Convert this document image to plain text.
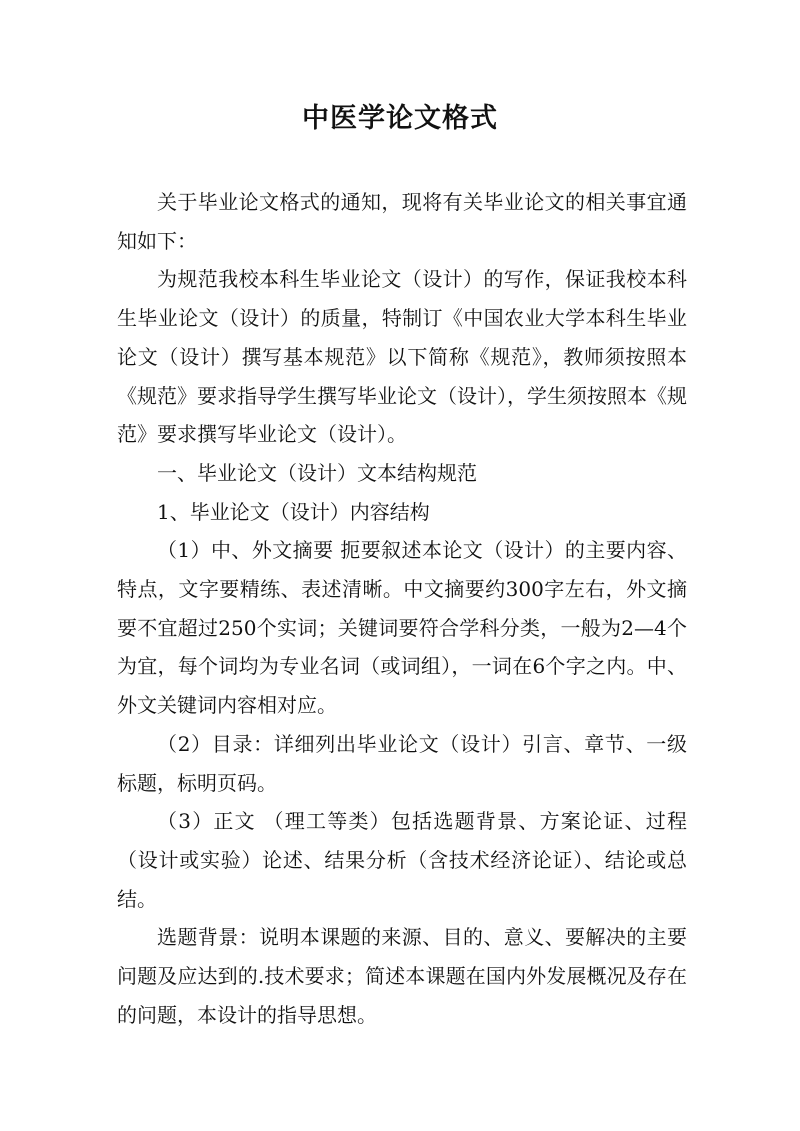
中医学论文格式

关于毕业论文格式的通知，现将有关毕业论文的相关事宜通知如下：

为规范我校本科生毕业论文（设计）的写作，保证我校本科生毕业论文（设计）的质量，特制订《中国农业大学本科生毕业论文（设计）撰写基本规范》以下简称《规范》，教师须按照本《规范》要求指导学生撰写毕业论文（设计），学生须按照本《规范》要求撰写毕业论文（设计）。

一、毕业论文（设计）文本结构规范

1、毕业论文（设计）内容结构

（1）中、外文摘要 扼要叙述本论文（设计）的主要内容、特点，文字要精练、表述清晰。中文摘要约300字左右，外文摘要不宜超过250个实词；关键词要符合学科分类，一般为2—4个为宜，每个词均为专业名词（或词组），一词在6个字之内。中、外文关键词内容相对应。

（2）目录：详细列出毕业论文（设计）引言、章节、一级标题，标明页码。

（3）正文 （理工等类）包括选题背景、方案论证、过程（设计或实验）论述、结果分析（含技术经济论证）、结论或总结。

选题背景：说明本课题的来源、目的、意义、要解决的主要问题及应达到的.技术要求；简述本课题在国内外发展概况及存在的问题，本设计的指导思想。
